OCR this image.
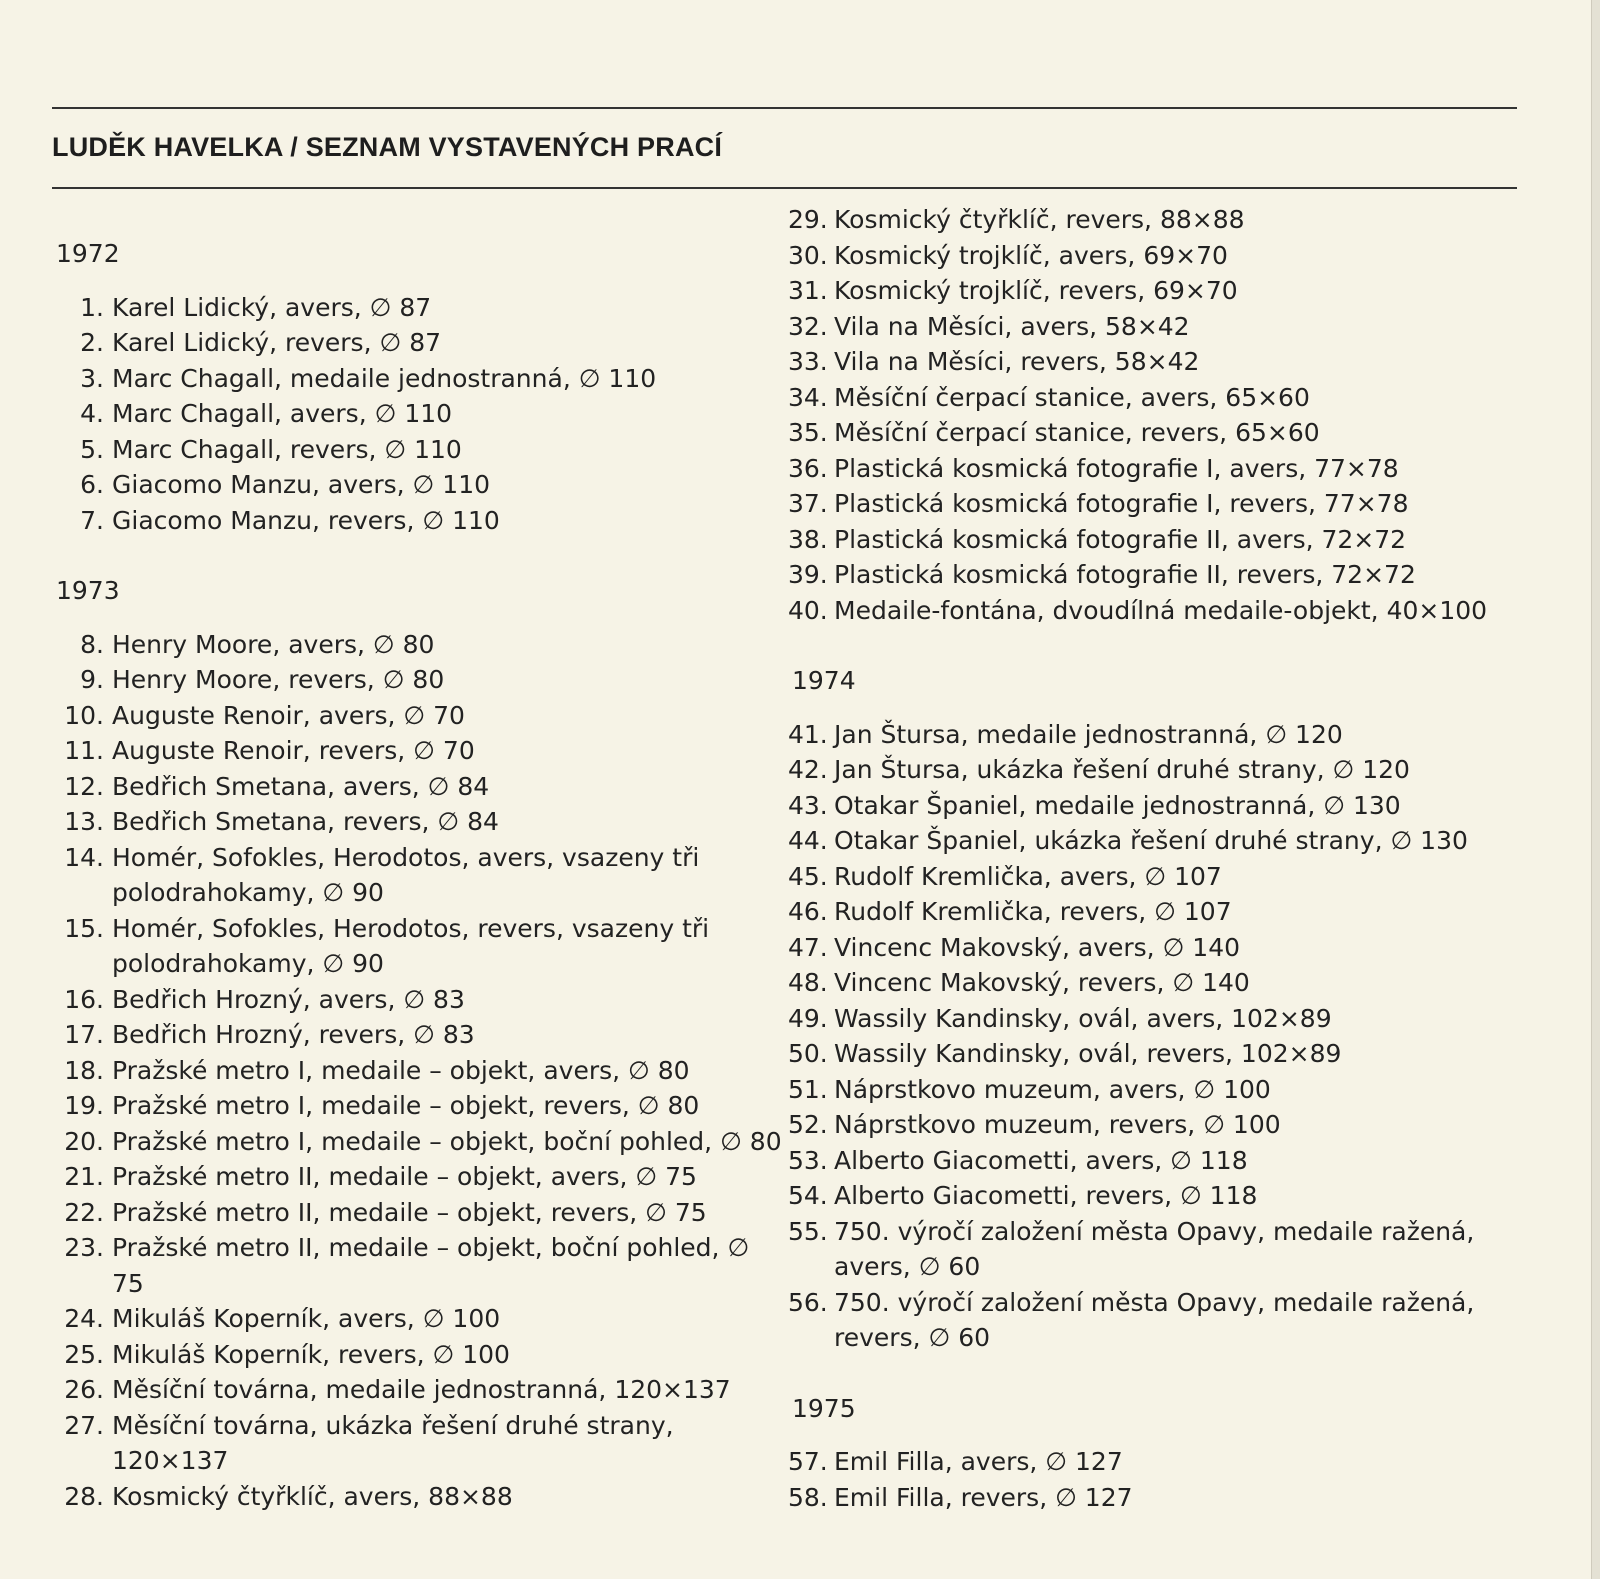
LUDĚK HAVELKA / SEZNAM VYSTAVENÝCH PRACÍ
1972
1. Karel Lidický, avers, ∅ 87
2. Karel Lidický, revers, ∅ 87
3. Marc Chagall, medaile jednostranná, ∅ 110
4. Marc Chagall, avers, ∅ 110
5. Marc Chagall, revers, ∅ 110
6. Giacomo Manzu, avers, ∅ 110
7. Giacomo Manzu, revers, ∅ 110
1973
8. Henry Moore, avers, ∅ 80
9. Henry Moore, revers, ∅ 80
10. Auguste Renoir, avers, ∅ 70
11. Auguste Renoir, revers, ∅ 70
12. Bedřich Smetana, avers, ∅ 84
13. Bedřich Smetana, revers, ∅ 84
14. Homér, Sofokles, Herodotos, avers, vsazeny tři polodrahokamy, ∅ 90
15. Homér, Sofokles, Herodotos, revers, vsazeny tři polodrahokamy, ∅ 90
16. Bedřich Hrozný, avers, ∅ 83
17. Bedřich Hrozný, revers, ∅ 83
18. Pražské metro I, medaile – objekt, avers, ∅ 80
19. Pražské metro I, medaile – objekt, revers, ∅ 80
20. Pražské metro I, medaile – objekt, boční pohled, ∅ 80
21. Pražské metro II, medaile – objekt, avers, ∅ 75
22. Pražské metro II, medaile – objekt, revers, ∅ 75
23. Pražské metro II, medaile – objekt, boční pohled, ∅ 75
24. Mikuláš Koperník, avers, ∅ 100
25. Mikuláš Koperník, revers, ∅ 100
26. Měsíční továrna, medaile jednostranná, 120×137
27. Měsíční továrna, ukázka řešení druhé strany, 120×137
28. Kosmický čtyřklíč, avers, 88×88
29. Kosmický čtyřklíč, revers, 88×88
30. Kosmický trojklíč, avers, 69×70
31. Kosmický trojklíč, revers, 69×70
32. Vila na Měsíci, avers, 58×42
33. Vila na Měsíci, revers, 58×42
34. Měsíční čerpací stanice, avers, 65×60
35. Měsíční čerpací stanice, revers, 65×60
36. Plastická kosmická fotografie I, avers, 77×78
37. Plastická kosmická fotografie I, revers, 77×78
38. Plastická kosmická fotografie II, avers, 72×72
39. Plastická kosmická fotografie II, revers, 72×72
40. Medaile-fontána, dvoudílná medaile-objekt, 40×100
1974
41. Jan Štursa, medaile jednostranná, ∅ 120
42. Jan Štursa, ukázka řešení druhé strany, ∅ 120
43. Otakar Španiel, medaile jednostranná, ∅ 130
44. Otakar Španiel, ukázka řešení druhé strany, ∅ 130
45. Rudolf Kremlička, avers, ∅ 107
46. Rudolf Kremlička, revers, ∅ 107
47. Vincenc Makovský, avers, ∅ 140
48. Vincenc Makovský, revers, ∅ 140
49. Wassily Kandinsky, ovál, avers, 102×89
50. Wassily Kandinsky, ovál, revers, 102×89
51. Náprstkovo muzeum, avers, ∅ 100
52. Náprstkovo muzeum, revers, ∅ 100
53. Alberto Giacometti, avers, ∅ 118
54. Alberto Giacometti, revers, ∅ 118
55. 750. výročí založení města Opavy, medaile ražená, avers, ∅ 60
56. 750. výročí založení města Opavy, medaile ražená, revers, ∅ 60
1975
57. Emil Filla, avers, ∅ 127
58. Emil Filla, revers, ∅ 127
